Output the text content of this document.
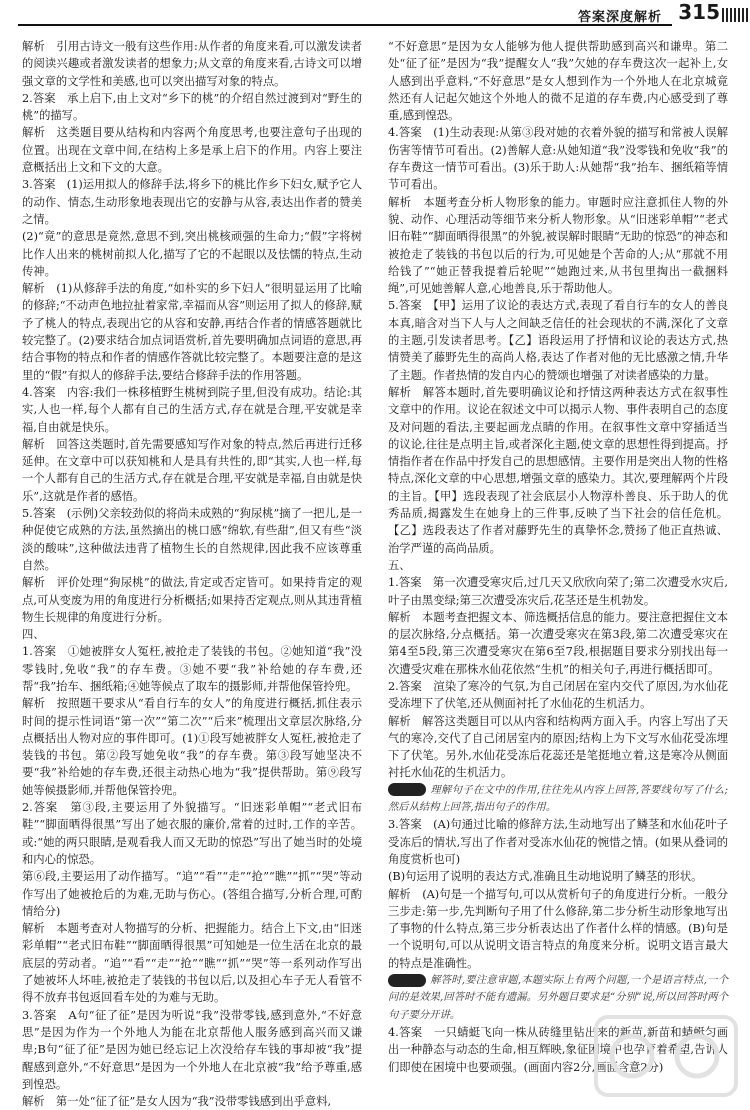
答案深度解析 315

解析　引用古诗文一般有这些作用:从作者的角度来看,可以激发读者的阅读兴趣或者激发读者的想象力;从文章的角度来看,古诗文可以增强文章的文学性和美感,也可以突出描写对象的特点。

2.答案　承上启下,由上文对“乡下的桃”的介绍自然过渡到对“野生的桃”的描写。

解析　这类题目要从结构和内容两个角度思考,也要注意句子出现的位置。出现在文章中间,在结构上多是承上启下的作用。内容上要注意概括出上文和下文的大意。

3.答案　(1)运用拟人的修辞手法,将乡下的桃比作乡下妇女,赋予它人的动作、情态,生动形象地表现出它的安静与从容,表达出作者的赞美之情。

(2)“竟”的意思是竟然,意思不到,突出桃核顽强的生命力;“假”字将树比作人出来的桃树前拟人化,描写了它的不起眼以及怯懦的特点,生动传神。

解析　(1)从修辞手法的角度,“如朴实的乡下妇人”很明显运用了比喻的修辞;“不动声色地拉扯着家常,幸福而从容”则运用了拟人的修辞,赋予了桃人的特点,表现出它的从容和安静,再结合作者的情感答题就比较完整了。(2)要求结合加点词语赏析,首先要明确加点词语的意思,再结合事物的特点和作者的情感作答就比较完整了。本题要注意的是这里的“假”有拟人的修辞手法,要结合修辞手法的作用答题。

4.答案　内容:我们一株移植野生桃树到院子里,但没有成功。结论:其实,人也一样,每个人都有自己的生活方式,存在就是合理,平安就是幸福,自由就是快乐。

解析　回答这类题时,首先需要感知写作对象的特点,然后再进行迁移延伸。在文章中可以获知桃和人是具有共性的,即“其实,人也一样,每一个人都有自己的生活方式,存在就是合理,平安就是幸福,自由就是快乐”,这就是作者的感悟。

5.答案　(示例)父亲较劲似的将尚未成熟的“狗尿桃”摘了一把儿,是一种促使它成熟的方法,虽然摘出的桃口感“绵软,有些甜”,但又有些“淡淡的酸味”,这种做法违背了植物生长的自然规律,因此我不应该尊重自然。

解析　评价处理“狗尿桃”的做法,肯定或否定皆可。如果持肯定的观点,可从变废为用的角度进行分析概括;如果持否定观点,则从其违背植物生长规律的角度进行分析。

四、

1.答案　①她被胖女人冤枉,被抢走了装钱的书包。②她知道“我”没零钱时,免收“我”的存车费。③她不要“我”补给她的存车费,还帮“我”抬车、捆纸箱;④她等候点了取车的摄影师,并帮他保管拎兜。

解析　按照题干要求从“看自行车的女人”的角度进行概括,抓住表示时间的提示性词语“第一次”“第二次”“后来”梳理出文章层次脉络,分点概括出人物对应的事件即可。(1)①段写她被胖女人冤枉,被抢走了装钱的书包。第②段写她免收“我”的存车费。第③段写她坚决不要“我”补给她的存车费,还很主动热心地为“我”提供帮助。第⑨段写她等候摄影师,并帮他保管拎兜。

2.答案　第③段,主要运用了外貌描写。“旧迷彩单帽”“老式旧布鞋”“脚面晒得很黑”写出了她衣服的廉价,常着的过时,工作的辛苦。或:“她的两只眼睛,是观看我人而又无助的惊恐”写出了她当时的处境和内心的惊恐。

第⑥段,主要运用了动作描写。“追”“看”“走”“抢”“瞧”“抓”“哭”等动作写出了她被抢后的为难,无助与伤心。(答组合描写,分析合理,可酌情给分)

解析　本题考查对人物描写的分析、把握能力。结合上下文,由“旧迷彩单帽”“老式旧布鞋”“脚面晒得很黑”可知她是一位生活在北京的最底层的劳动者。“追”“看”“走”“抢”“瞧”“抓”“哭”等一系列动作写出了她被坏人坏哇,被抢走了装钱的书包以后,以及担心车子无人看管不得不放弃书包返回看车处的为难与无助。

3.答案　A句“征了征”是因为听说“我”没带零钱,感到意外,“不好意思”是因为作为一个外地人为能在北京帮他人服务感到高兴而又谦卑;B句“征了征”是因为她已经忘记上次没给存车钱的事却被“我”提醒感到意外,“不好意思”是因为一个外地人在北京被“我”给予尊重,感到惶恐。

解析　第一处“征了征”是女人因为“我”没带零钱感到出乎意料,

“不好意思”是因为女人能够为他人提供帮助感到高兴和谦卑。第二处“征了征”是因为“我”提醒女人“我”欠她的存车费这次一起补上,女人感到出乎意料,“不好意思”是女人想到作为一个外地人在北京城竟然还有人记起欠她这个外地人的微不足道的存车费,内心感受到了尊重,感到惶恐。

4.答案　(1)生动表现:从第③段对她的衣着外貌的描写和常被人误解伤害等情节可看出。(2)善解人意:从她知道“我”没零钱和免收“我”的存车费这一情节可看出。(3)乐于助人:从她帮“我”抬车、捆纸箱等情节可看出。

解析　本题考查分析人物形象的能力。审题时应注意抓住人物的外貌、动作、心理活动等细节来分析人物形象。从“旧迷彩单帽”“老式旧布鞋”“脚面晒得很黑”的外貌,被误解时眼睛“无助的惊恐”的神态和被抢走了装钱的书包以后的行为,可见她是个苦命的人;从“那就不用给钱了”“她正替我提着后轮呢”“她跑过来,从书包里掏出一截捆料绳”,可见她善解人意,心地善良,乐于帮助他人。

5.答案　【甲】运用了议论的表达方式,表现了看自行车的女人的善良本真,暗含对当下人与人之间缺乏信任的社会现状的不满,深化了文章的主题,引发读者思考。【乙】语段运用了抒情和议论的表达方式,热情赞美了藤野先生的高尚人格,表达了作者对他的无比感激之情,升华了主题。作者热情的发自内心的赞颂也增强了对读者感染的力量。

解析　解答本题时,首先要明确议论和抒情这两种表达方式在叙事性文章中的作用。议论在叙述文中可以揭示人物、事件表明自己的态度及对问题的看法,主要起画龙点睛的作用。在叙事性文章中穿插适当的议论,往往是点明主旨,或者深化主题,使文章的思想性得到提高。抒情指作者在作品中抒发自己的思想感情。主要作用是突出人物的性格特点,深化文章的中心思想,增强文章的感染力。其次,要理解两个片段的主旨。【甲】选段表现了社会底层小人物淳朴善良、乐于助人的优秀品质,揭露发生在她身上的三件事,反映了当下社会的信任危机。【乙】选段表达了作者对藤野先生的真挚怀念,赞扬了他正直热诚、治学严谨的高尚品质。

五、

1.答案　第一次遭受寒灾后,过几天又欣欣向荣了;第二次遭受水灾后,叶子由黑变绿;第三次遭受冻灾后,花茎还是生机勃发。

解析　本题考查把握文本、筛选概括信息的能力。要注意把握住文本的层次脉络,分点概括。第一次遭受寒灾在第3段,第二次遭受寒灾在第4至5段,第三次遭受寒灾在第6至7段,根据题目要求分别找出每一次遭受灾难在那株水仙花依然“生机”的相关句子,再进行概括即可。

2.答案　渲染了寒冷的气氛,为自己闭居在室内交代了原因,为水仙花受冻埋下了伏笔,还从侧面衬托了水仙花的生机活力。

解析　解答这类题目可以从内容和结构两方面入手。内容上写出了天气的寒冷,交代了自己闭居室内的原因;结构上为下文写水仙花受冻埋下了伏笔。另外,水仙花受冻后花蕊还是笔挺地立着,这是寒冷从侧面衬托水仙花的生机活力。

理解句子在文中的作用,往往先从内容上回答,答要线句写了什么;然后从结构上回答,指出句子的作用。

3.答案　(A)句通过比喻的修辞方法,生动地写出了鳞茎和水仙花叶子受冻后的情状,写出了作者对受冻水仙花的惋惜之情。(如果从叠词的角度赏析也可)

(B)句运用了说明的表达方式,准确且生动地说明了鳞茎的形状。

解析　(A)句是一个描写句,可以从赏析句子的角度进行分析。一般分三步走:第一步,先判断句子用了什么修辞,第二步分析生动形象地写出了事物的什么特点,第三步分析表达出了作者什么样的情感。(B)句是一个说明句,可以从说明文语言特点的角度来分析。说明文语言最大的特点是准确性。

解答时,要注意审题,本题实际上有两个问题,一个是语言特点,一个问的是效果,回答时不能有遗漏。另外题目要求是“分别”说,所以回答时两个句子要分开讲。

4.答案　一只蜻蜓飞向一株从砖缝里钻出来的新苗,新苗和蜻蜓匀画出一种静态与动态的生命,相互辉映,象征困境中也孕育着希望,告诉人们即使在困境中也要顽强。(画面内容2分,画面含意2分)
